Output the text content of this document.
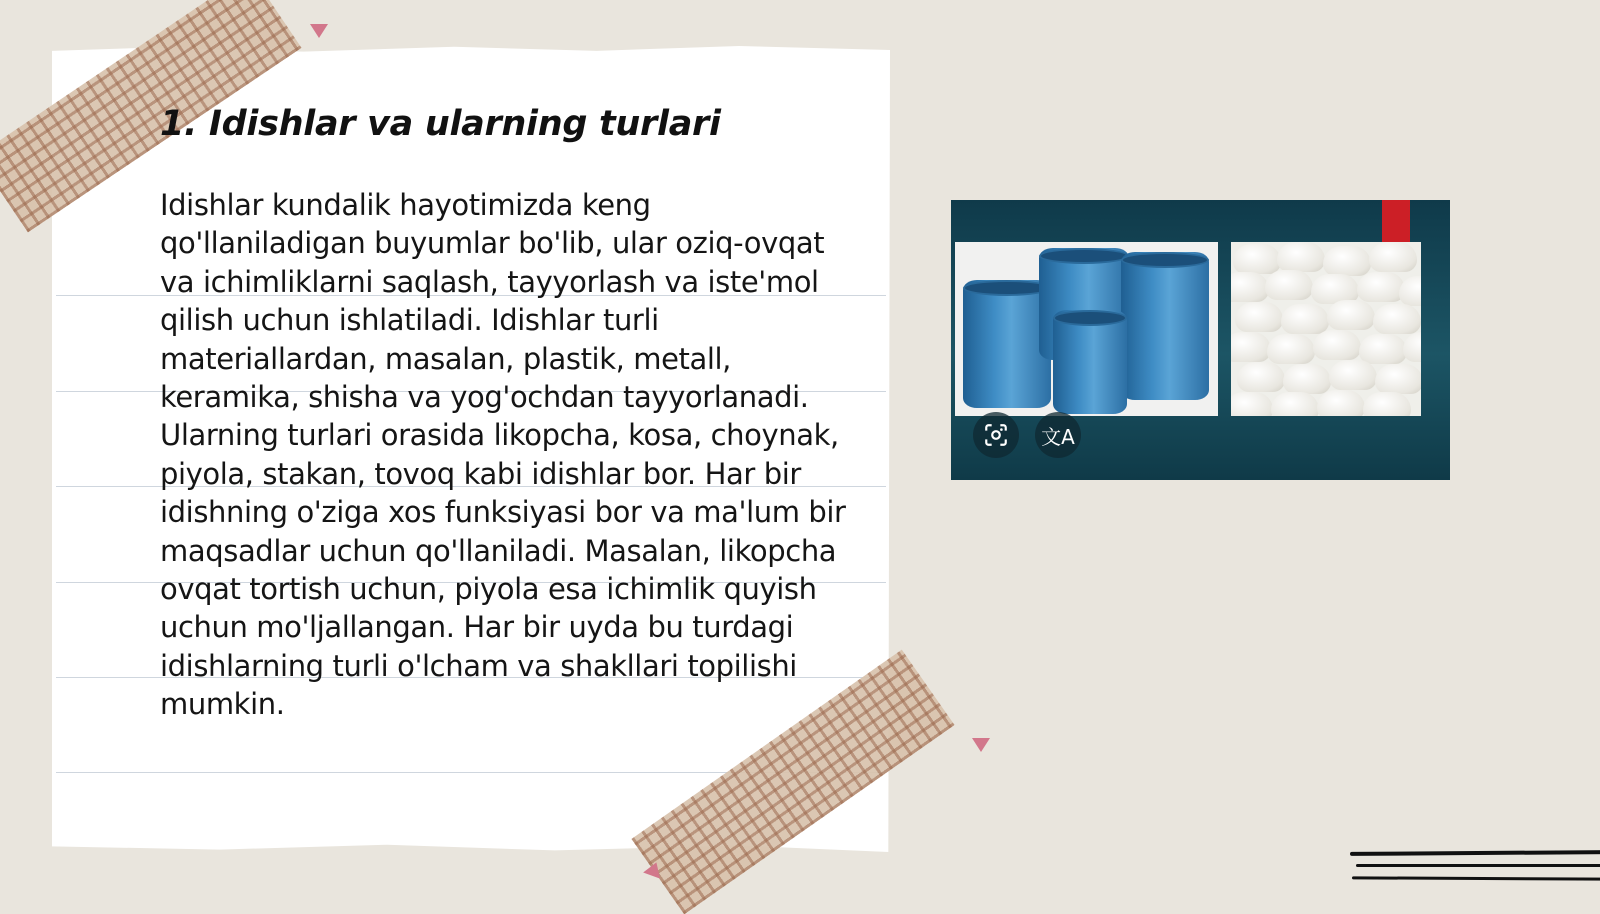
1. Idishlar va ularning turlari

Idishlar kundalik hayotimizda keng qo'llaniladigan buyumlar bo'lib, ular oziq-ovqat va ichimliklarni saqlash, tayyorlash va iste'mol qilish uchun ishlatiladi. Idishlar turli materiallardan, masalan, plastik, metall, keramika, shisha va yog'ochdan tayyorlanadi. Ularning turlari orasida likopcha, kosa, choynak, piyola, stakan, tovoq kabi idishlar bor. Har bir idishning o'ziga xos funksiyasi bor va ma'lum bir maqsadlar uchun qo'llaniladi. Masalan, likopcha ovqat tortish uchun, piyola esa ichimlik quyish uchun mo'ljallangan. Har bir uyda bu turdagi idishlarning turli o'lcham va shakllari topilishi mumkin.

文A
